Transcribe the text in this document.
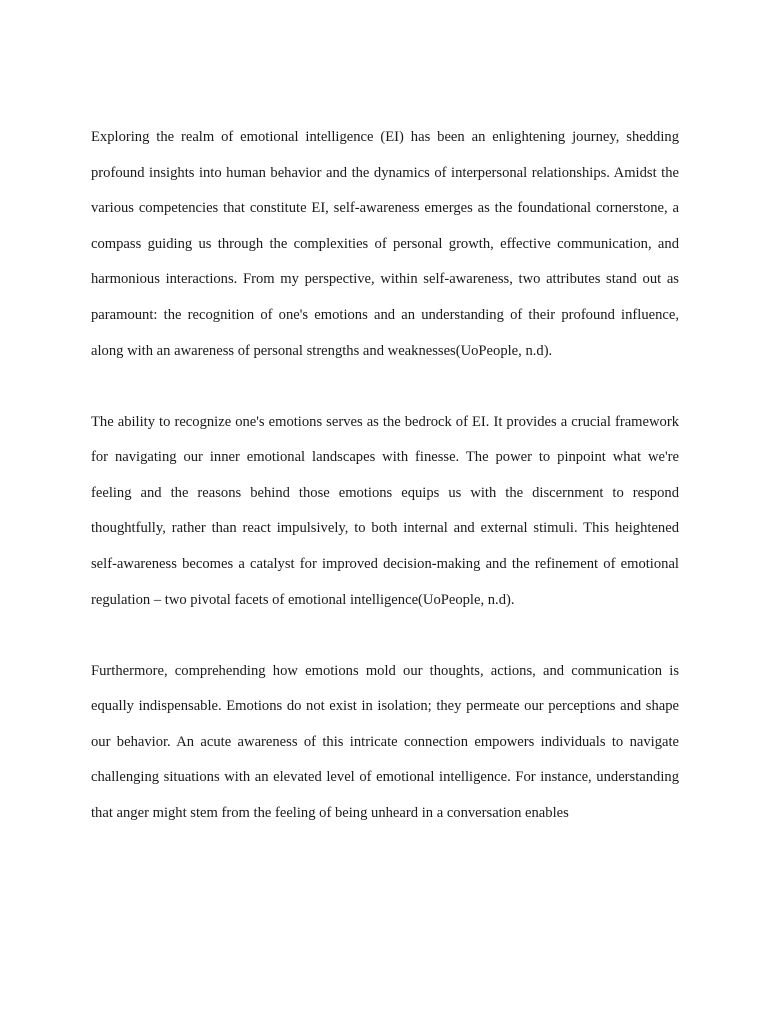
Exploring the realm of emotional intelligence (EI) has been an enlightening journey, shedding profound insights into human behavior and the dynamics of interpersonal relationships. Amidst the various competencies that constitute EI, self-awareness emerges as the foundational cornerstone, a compass guiding us through the complexities of personal growth, effective communication, and harmonious interactions. From my perspective, within self-awareness, two attributes stand out as paramount: the recognition of one's emotions and an understanding of their profound influence, along with an awareness of personal strengths and weaknesses(UoPeople, n.d).

The ability to recognize one's emotions serves as the bedrock of EI. It provides a crucial framework for navigating our inner emotional landscapes with finesse. The power to pinpoint what we're feeling and the reasons behind those emotions equips us with the discernment to respond thoughtfully, rather than react impulsively, to both internal and external stimuli. This heightened self-awareness becomes a catalyst for improved decision-making and the refinement of emotional regulation – two pivotal facets of emotional intelligence(UoPeople, n.d).

Furthermore, comprehending how emotions mold our thoughts, actions, and communication is equally indispensable. Emotions do not exist in isolation; they permeate our perceptions and shape our behavior. An acute awareness of this intricate connection empowers individuals to navigate challenging situations with an elevated level of emotional intelligence. For instance, understanding that anger might stem from the feeling of being unheard in a conversation enables
